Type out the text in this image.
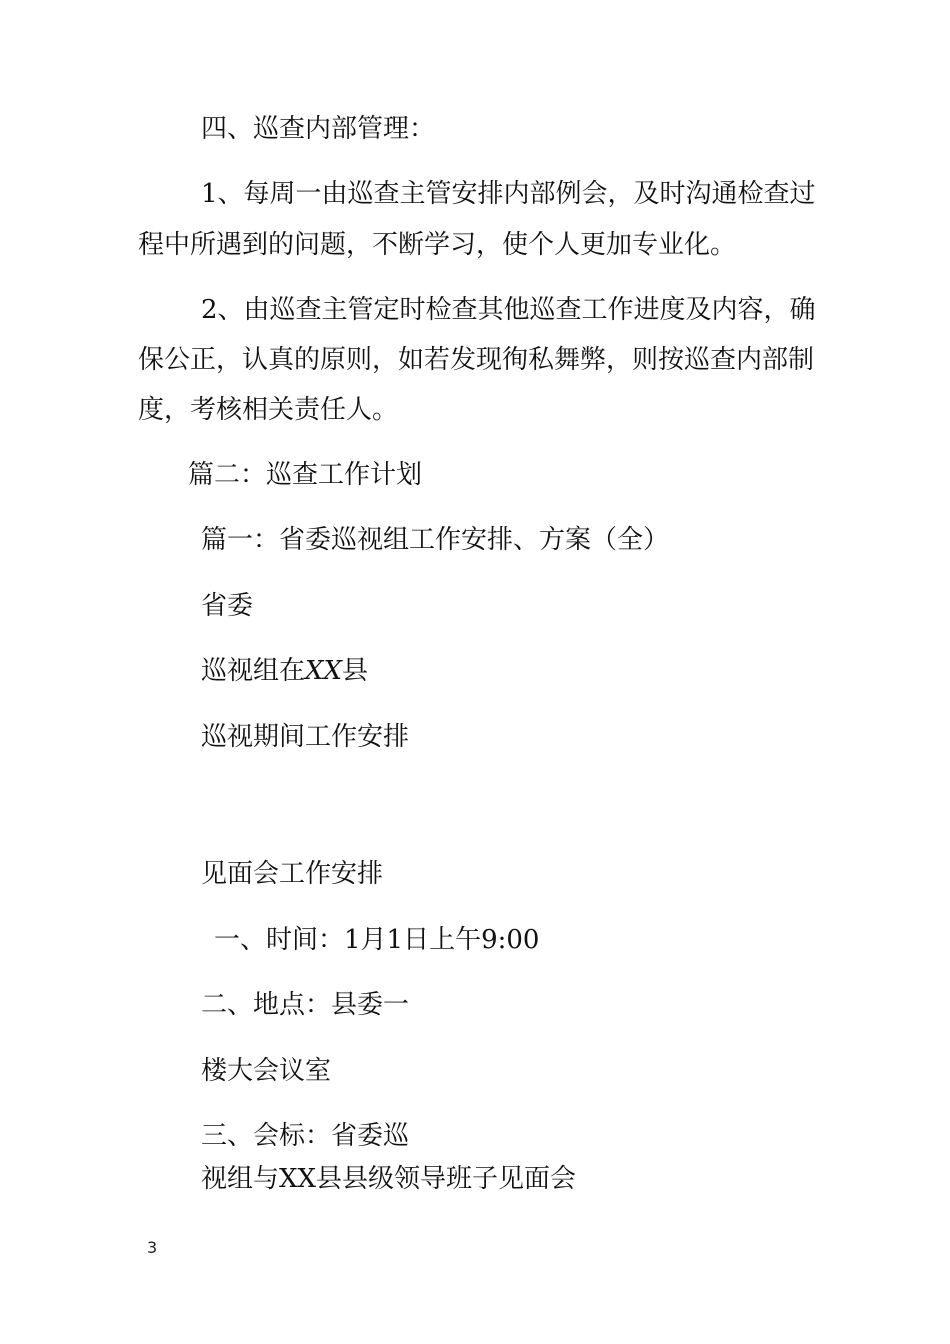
四、巡查内部管理：

1、每周一由巡查主管安排内部例会，及时沟通检查过

程中所遇到的问题，不断学习，使个人更加专业化。

2、由巡查主管定时检查其他巡查工作进度及内容，确

保公正，认真的原则，如若发现徇私舞弊，则按巡查内部制

度，考核相关责任人。

篇二：巡查工作计划

篇一：省委巡视组工作安排、方案（全）

省委

巡视组在XX县

巡视期间工作安排

见面会工作安排

一、时间：1月1日上午9:00

二、地点：县委一

楼大会议室

三、会标：省委巡

视组与XX县县级领导班子见面会

3
